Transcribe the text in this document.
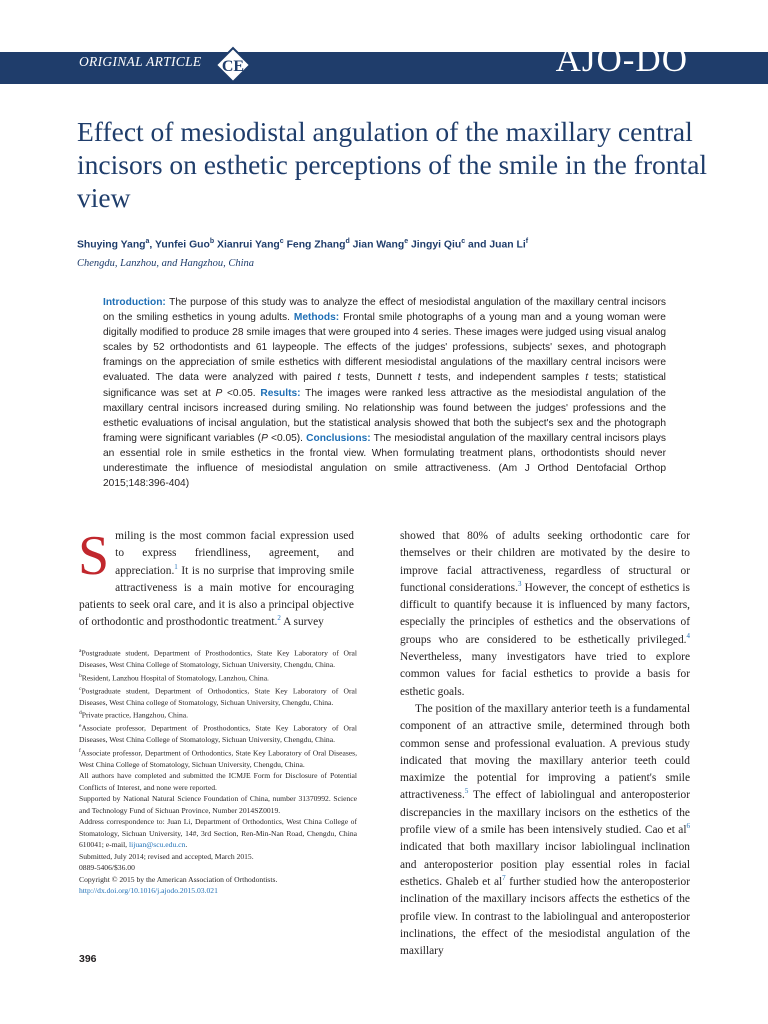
ORIGINAL ARTICLE CE	AJO-DO
Effect of mesiodistal angulation of the maxillary central incisors on esthetic perceptions of the smile in the frontal view
Shuying Yang$^a$, Yunfei Guo$^b$ Xianrui Yang$^c$ Feng Zhang$^d$ Jian Wang$^e$ Jingyi Qiu$^c$ and Juan Li$^f$
Chengdu, Lanzhou, and Hangzhou, China
Introduction: The purpose of this study was to analyze the effect of mesiodistal angulation of the maxillary central incisors on the smiling esthetics in young adults. Methods: Frontal smile photographs of a young man and a young woman were digitally modified to produce 28 smile images that were grouped into 4 series. These images were judged using visual analog scales by 52 orthodontists and 61 laypeople. The effects of the judges' professions, subjects' sexes, and photograph framings on the appreciation of smile esthetics with different mesiodistal angulations of the maxillary central incisors were evaluated. The data were analyzed with paired t tests, Dunnett t tests, and independent samples t tests; statistical significance was set at P <0.05. Results: The images were ranked less attractive as the mesiodistal angulation of the maxillary central incisors increased during smiling. No relationship was found between the judges' professions and the esthetic evaluations of incisal angulation, but the statistical analysis showed that both the subject's sex and the photograph framing were significant variables (P <0.05). Conclusions: The mesiodistal angulation of the maxillary central incisors plays an essential role in smile esthetics in the frontal view. When formulating treatment plans, orthodontists should never underestimate the influence of mesiodistal angulation on smile attractiveness. (Am J Orthod Dentofacial Orthop 2015;148:396-404)

Smiling is the most common facial expression used to express friendliness, agreement, and appreciation.$^1$ It is no surprise that improving smile attractiveness is a main motive for encouraging patients to seek oral care, and it is also a principal objective of orthodontic and prosthodontic treatment.$^2$ A survey

$^a$Postgraduate student, Department of Prosthodontics, State Key Laboratory of Oral Diseases, West China College of Stomatology, Sichuan University, Chengdu, China.

$^b$Resident, Lanzhou Hospital of Stomatology, Lanzhou, China.

$^c$Postgraduate student, Department of Orthodontics, State Key Laboratory of Oral Diseases, West China college of Stomatology, Sichuan University, Chengdu, China.

$^d$Private practice, Hangzhou, China.

$^e$Associate professor, Department of Prosthodontics, State Key Laboratory of Oral Diseases, West China College of Stomatology, Sichuan University, Chengdu, China.

$^f$Associate professor, Department of Orthodontics, State Key Laboratory of Oral Diseases, West China College of Stomatology, Sichuan University, Chengdu, China.

All authors have completed and submitted the ICMJE Form for Disclosure of Potential Conflicts of Interest, and none were reported.

Supported by National Natural Science Foundation of China, number 31370992. Science and Technology Fund of Sichuan Province, Number 2014SZ0019.

Address correspondence to: Juan Li, Department of Orthodontics, West China College of Stomatology, Sichuan University, 14#, 3rd Section, Ren-Min-Nan Road, Chengdu, China 610041; e-mail, lijuan@scu.edu.cn.

Submitted, July 2014; revised and accepted, March 2015.

0889-5406/$36.00

Copyright © 2015 by the American Association of Orthodontists.

http://dx.doi.org/10.1016/j.ajodo.2015.03.021

showed that 80% of adults seeking orthodontic care for themselves or their children are motivated by the desire to improve facial attractiveness, regardless of structural or functional considerations.$^3$ However, the concept of esthetics is difficult to quantify because it is influenced by many factors, especially the principles of esthetics and the observations of groups who are considered to be esthetically privileged.$^4$ Nevertheless, many investigators have tried to explore common values for facial esthetics to provide a basis for esthetic goals.

The position of the maxillary anterior teeth is a fundamental component of an attractive smile, determined through both common sense and professional evaluation. A previous study indicated that moving the maxillary anterior teeth could maximize the potential for improving a patient's smile attractiveness.$^5$ The effect of labiolingual and anteroposterior discrepancies in the maxillary incisors on the esthetics of the profile view of a smile has been intensively studied. Cao et al$^6$ indicated that both maxillary incisor labiolingual inclination and anteroposterior position play essential roles in facial esthetics. Ghaleb et al$^7$ further studied how the anteroposterior inclination of the maxillary incisors affects the esthetics of the profile view. In contrast to the labiolingual and anteroposterior inclinations, the effect of the mesiodistal angulation of the maxillary

396
